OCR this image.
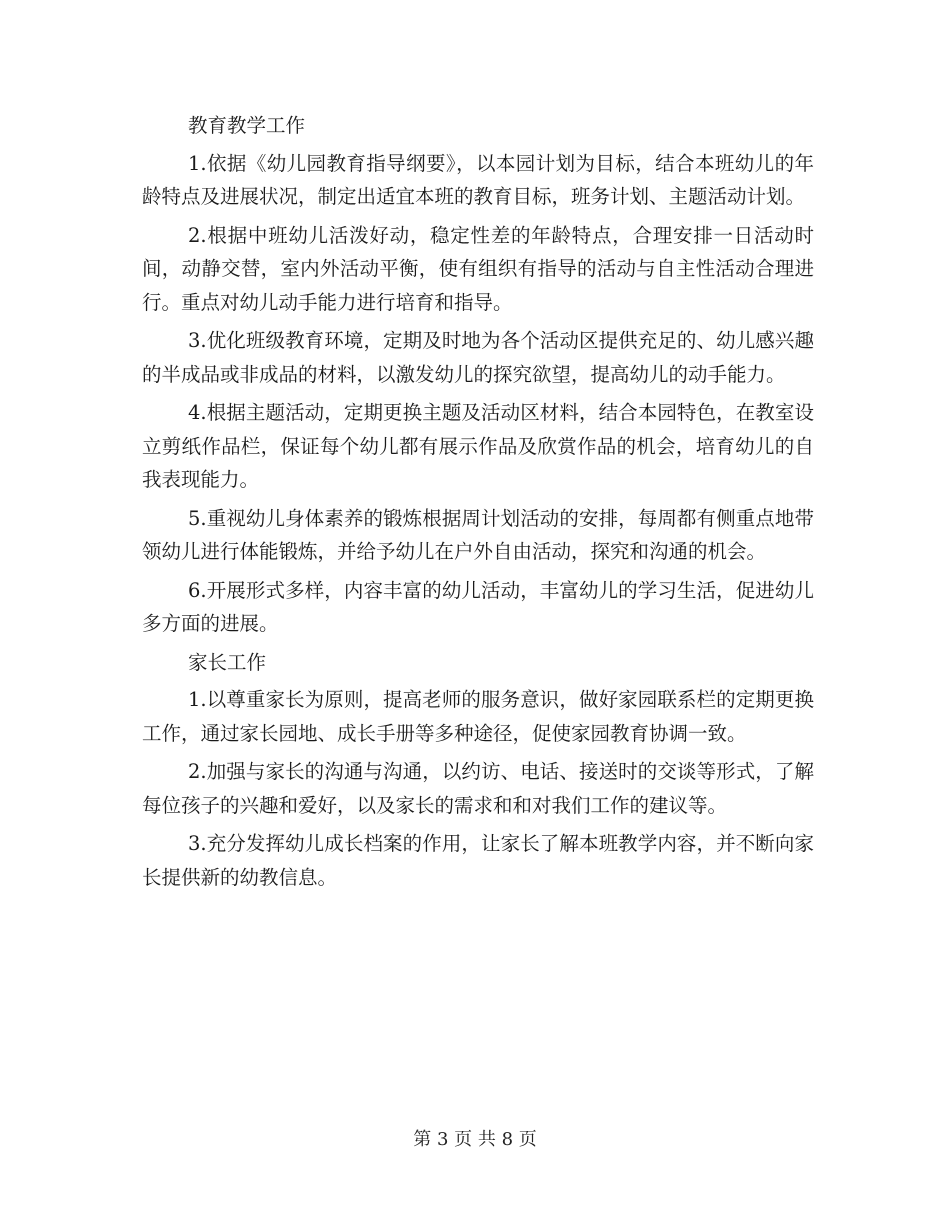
教育教学工作

1.依据《幼儿园教育指导纲要》，以本园计划为目标，结合本班幼儿的年龄特点及进展状况，制定出适宜本班的教育目标，班务计划、主题活动计划。

2.根据中班幼儿活泼好动，稳定性差的年龄特点，合理安排一日活动时间，动静交替，室内外活动平衡，使有组织有指导的活动与自主性活动合理进行。重点对幼儿动手能力进行培育和指导。

3.优化班级教育环境，定期及时地为各个活动区提供充足的、幼儿感兴趣的半成品或非成品的材料，以激发幼儿的探究欲望，提高幼儿的动手能力。

4.根据主题活动，定期更换主题及活动区材料，结合本园特色，在教室设立剪纸作品栏，保证每个幼儿都有展示作品及欣赏作品的机会，培育幼儿的自我表现能力。

5.重视幼儿身体素养的锻炼根据周计划活动的安排，每周都有侧重点地带领幼儿进行体能锻炼，并给予幼儿在户外自由活动，探究和沟通的机会。

6.开展形式多样，内容丰富的幼儿活动，丰富幼儿的学习生活，促进幼儿多方面的进展。

家长工作

1.以尊重家长为原则，提高老师的服务意识，做好家园联系栏的定期更换工作，通过家长园地、成长手册等多种途径，促使家园教育协调一致。

2.加强与家长的沟通与沟通，以约访、电话、接送时的交谈等形式，了解每位孩子的兴趣和爱好，以及家长的需求和和对我们工作的建议等。

3.充分发挥幼儿成长档案的作用，让家长了解本班教学内容，并不断向家长提供新的幼教信息。

第 3 页 共 8 页
